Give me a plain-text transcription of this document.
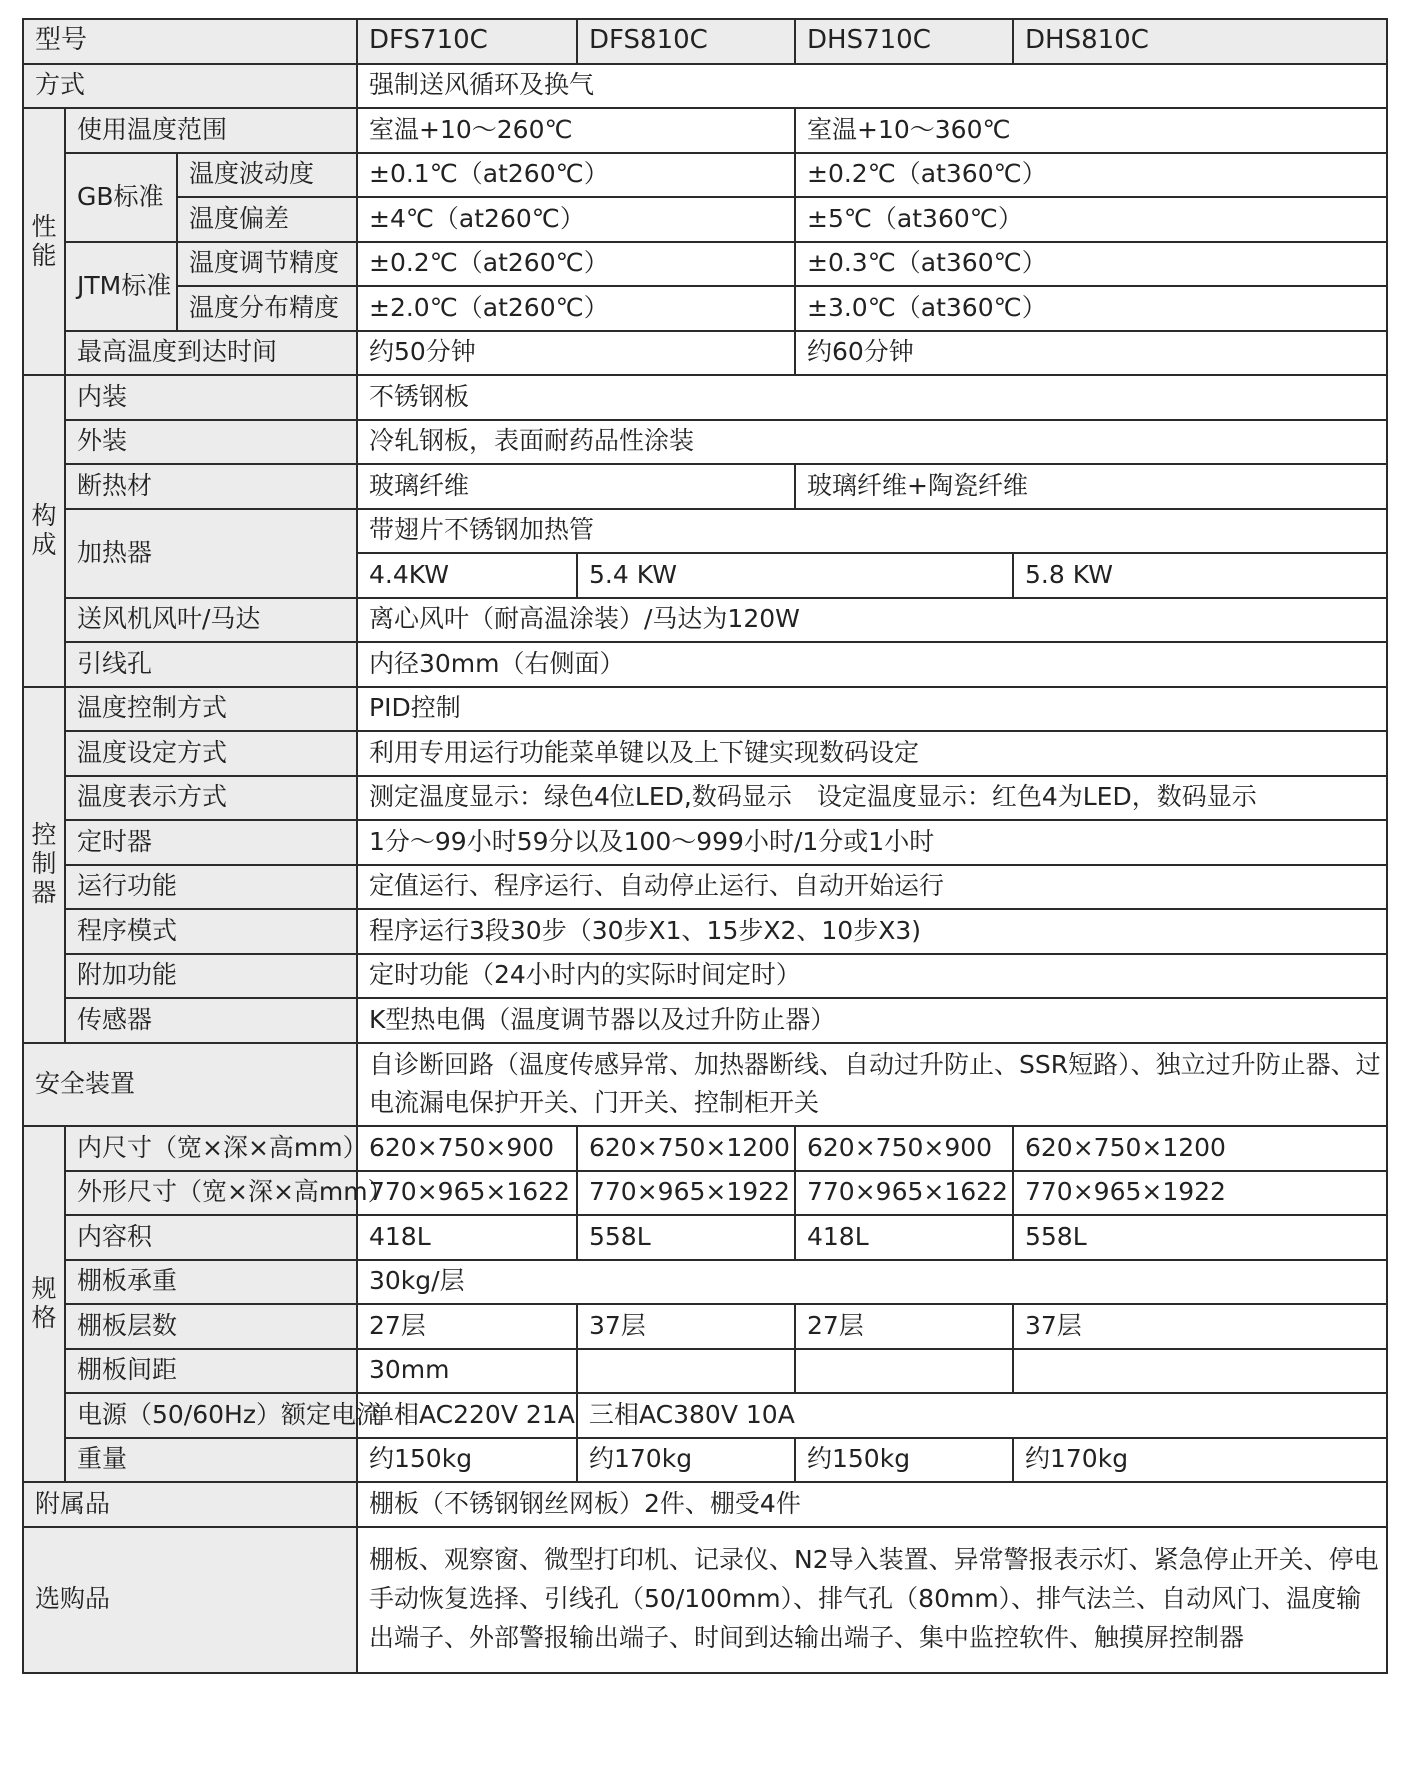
型号			DFS710C	DFS810C	DHS710C	DHS810C
方式			强制送风循环及换气			
性能	使用温度范围		室温+10～260℃		室温+10～360℃	
	GB标准	温度波动度	±0.1℃（at260℃）		±0.2℃（at360℃）	
		温度偏差	±4℃（at260℃）		±5℃（at360℃）	
	JTM标准	温度调节精度	±0.2℃（at260℃）		±0.3℃（at360℃）	
		温度分布精度	±2.0℃（at260℃）		±3.0℃（at360℃）	
	最高温度到达时间		约50分钟		约60分钟	
构成	内装		不锈钢板			
	外装		冷轧钢板，表面耐药品性涂装			
	断热材		玻璃纤维		玻璃纤维+陶瓷纤维	
	加热器		带翅片不锈钢加热管			
			4.4KW	5.4 KW		5.8 KW
	送风机风叶/马达		离心风叶（耐高温涂装）/马达为120W			
	引线孔		内径30mm（右侧面）			
控制器	温度控制方式		PID控制			
	温度设定方式		利用专用运行功能菜单键以及上下键实现数码设定			
	温度表示方式		测定温度显示：绿色4位LED,数码显示　设定温度显示：红色4为LED，数码显示			
	定时器		1分～99小时59分以及100～999小时/1分或1小时			
	运行功能		定值运行、程序运行、自动停止运行、自动开始运行			
	程序模式		程序运行3段30步（30步X1、15步X2、10步X3)			
	附加功能		定时功能（24小时内的实际时间定时）			
	传感器		K型热电偶（温度调节器以及过升防止器）			
安全装置			自诊断回路（温度传感异常、加热器断线、自动过升防止、SSR短路）、独立过升防止器、过电流漏电保护开关、门开关、控制柜开关			
规格	内尺寸（宽×深×高mm）		620×750×900	620×750×1200	620×750×900	620×750×1200
	外形尺寸（宽×深×高mm）		770×965×1622	770×965×1922	770×965×1622	770×965×1922
	内容积		418L	558L	418L	558L
	棚板承重		30kg/层			
	棚板层数		27层	37层	27层	37层
	棚板间距		30mm			
	电源（50/60Hz）额定电流		单相AC220V 21A	三相AC380V 10A		
	重量		约150kg	约170kg	约150kg	约170kg
附属品			棚板（不锈钢钢丝网板）2件、棚受4件			
选购品			棚板、观察窗、微型打印机、记录仪、N2导入装置、异常警报表示灯、紧急停止开关、停电手动恢复选择、引线孔（50/100mm）、排气孔（80mm）、排气法兰、自动风门、温度输出端子、外部警报输出端子、时间到达输出端子、集中监控软件、触摸屏控制器			
